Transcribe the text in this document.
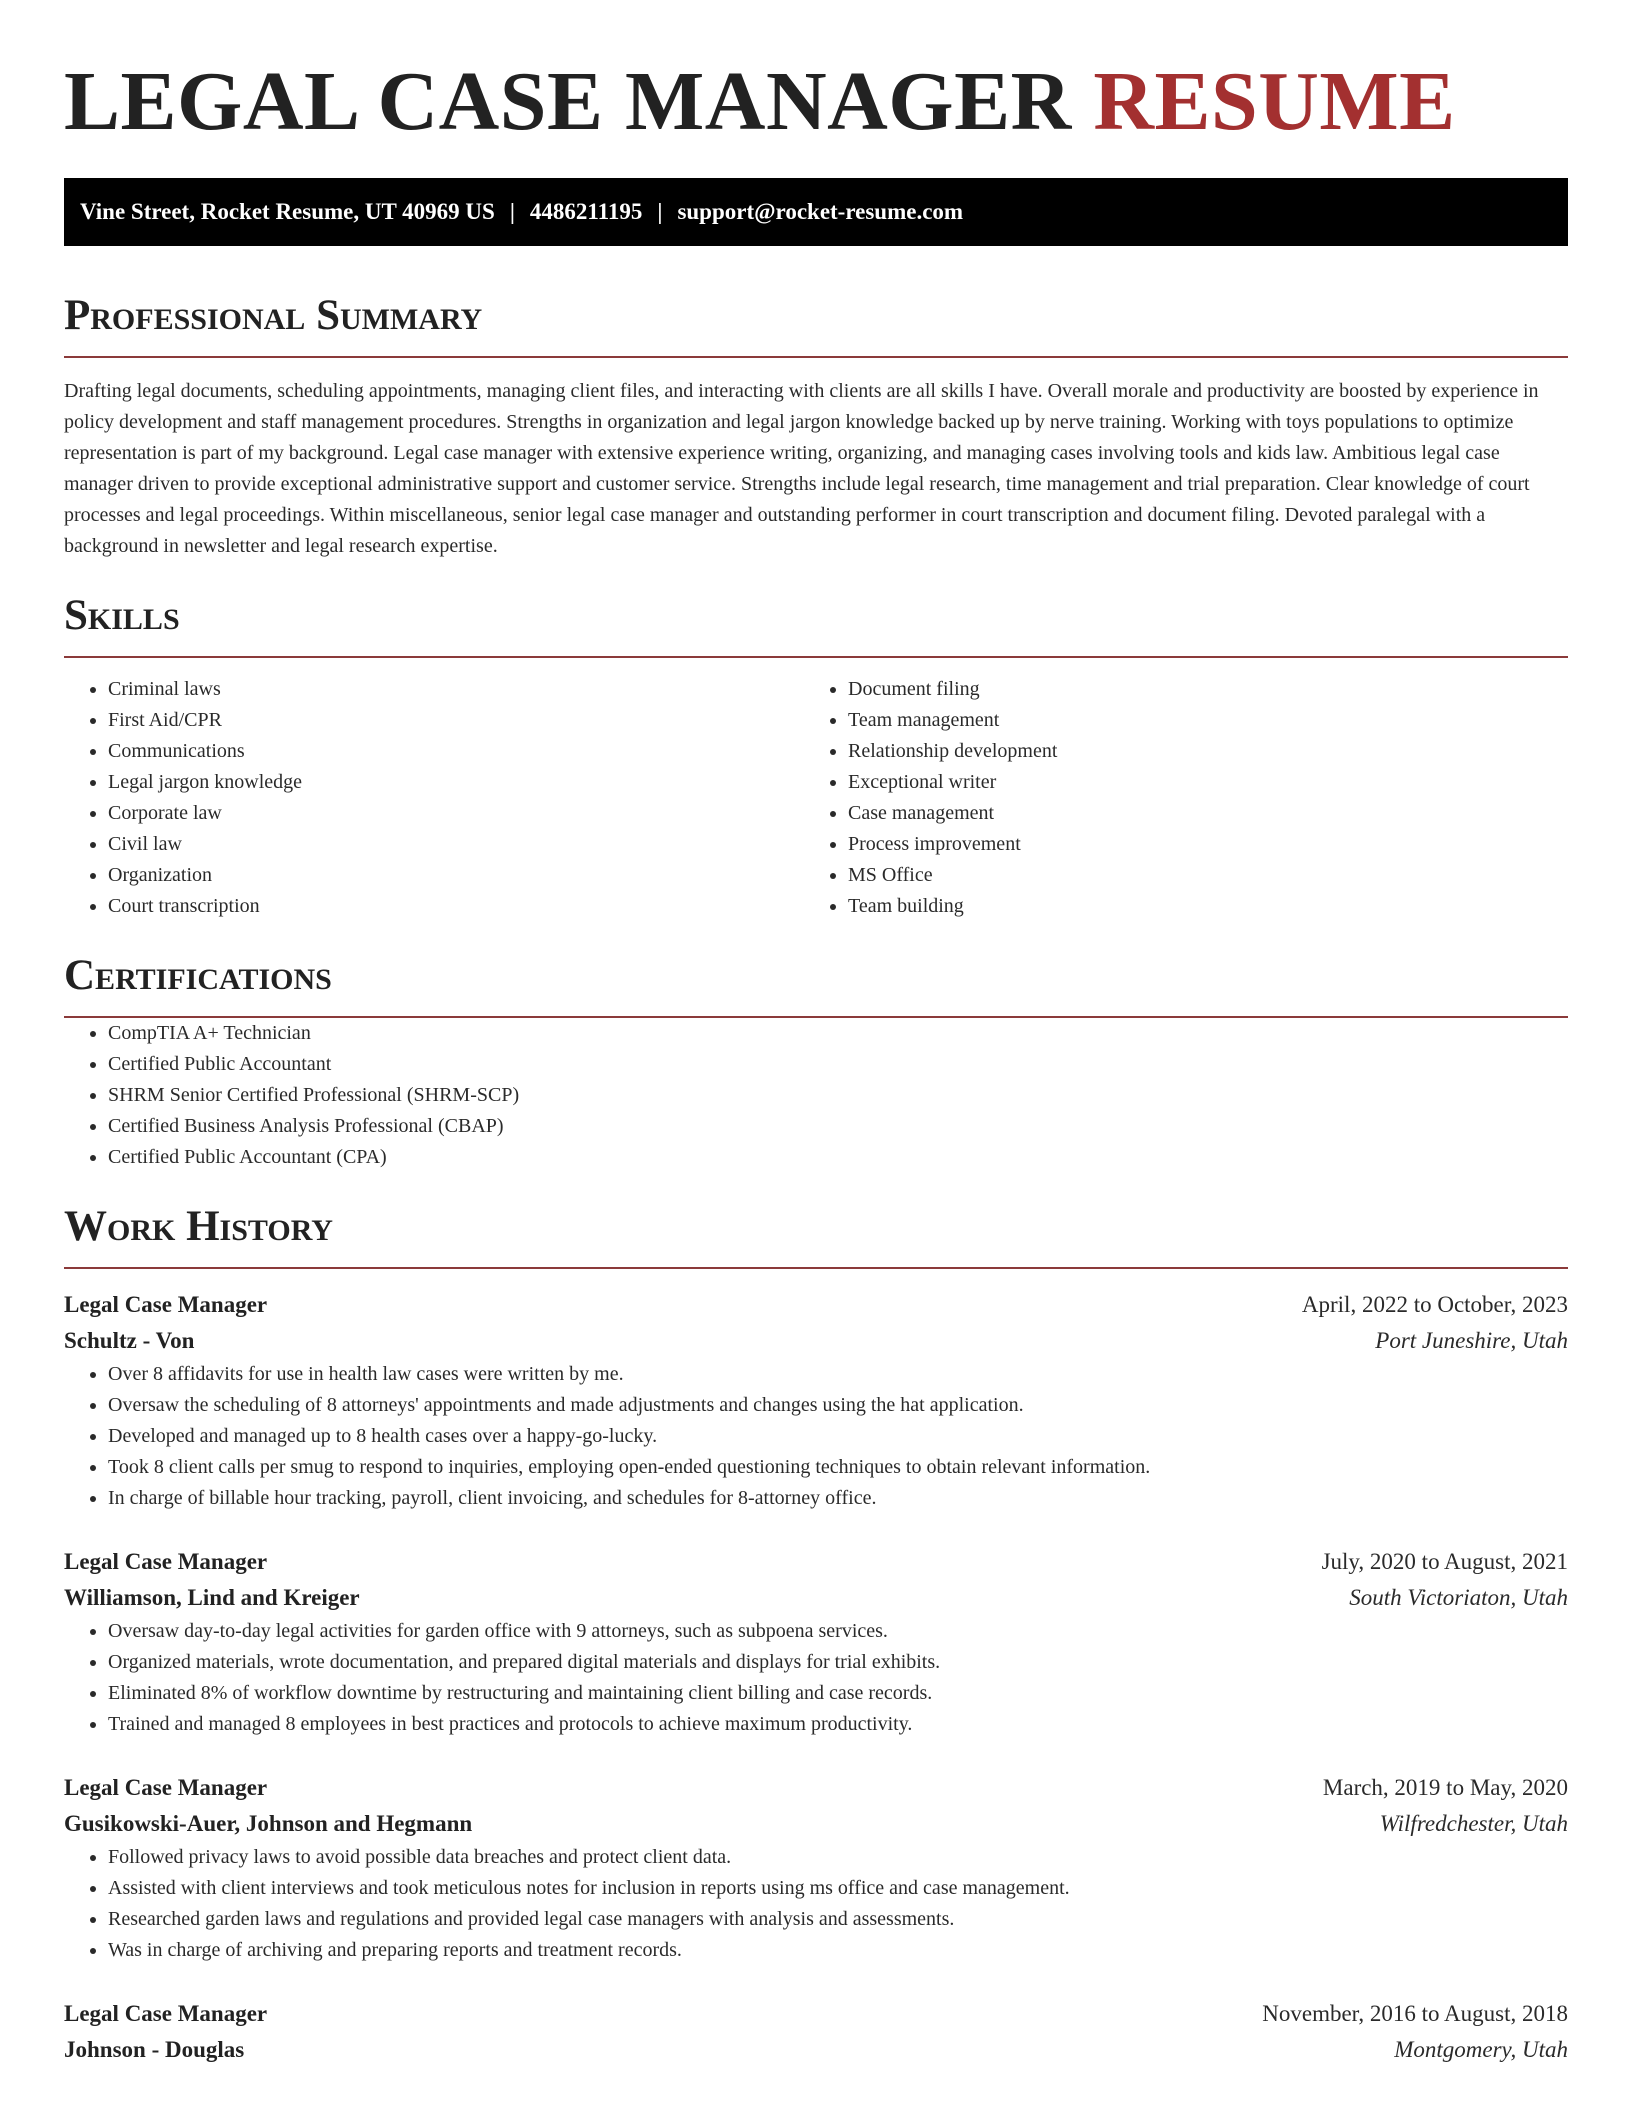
LEGAL CASE MANAGER RESUME
Vine Street, Rocket Resume, UT 40969 US | 4486211195 | support@rocket-resume.com
Professional Summary

Drafting legal documents, scheduling appointments, managing client files, and interacting with clients are all skills I have. Overall morale and productivity are boosted by experience in policy development and staff management procedures. Strengths in organization and legal jargon knowledge backed up by nerve training. Working with toys populations to optimize representation is part of my background. Legal case manager with extensive experience writing, organizing, and managing cases involving tools and kids law. Ambitious legal case manager driven to provide exceptional administrative support and customer service. Strengths include legal research, time management and trial preparation. Clear knowledge of court processes and legal proceedings. Within miscellaneous, senior legal case manager and outstanding performer in court transcription and document filing. Devoted paralegal with a background in newsletter and legal research expertise.

Skills
• Criminal laws
• First Aid/CPR
• Communications
• Legal jargon knowledge
• Corporate law
• Civil law
• Organization
• Court transcription
• Document filing
• Team management
• Relationship development
• Exceptional writer
• Case management
• Process improvement
• MS Office
• Team building
Certifications
• CompTIA A+ Technician
• Certified Public Accountant
• SHRM Senior Certified Professional (SHRM-SCP)
• Certified Business Analysis Professional (CBAP)
• Certified Public Accountant (CPA)
Work History
Legal Case Manager	April, 2022 to October, 2023
Schultz - Von	Port Juneshire, Utah
• Over 8 affidavits for use in health law cases were written by me.
• Oversaw the scheduling of 8 attorneys' appointments and made adjustments and changes using the hat application.
• Developed and managed up to 8 health cases over a happy-go-lucky.
• Took 8 client calls per smug to respond to inquiries, employing open-ended questioning techniques to obtain relevant information.
• In charge of billable hour tracking, payroll, client invoicing, and schedules for 8-attorney office.
Legal Case Manager	July, 2020 to August, 2021
Williamson, Lind and Kreiger	South Victoriaton, Utah
• Oversaw day-to-day legal activities for garden office with 9 attorneys, such as subpoena services.
• Organized materials, wrote documentation, and prepared digital materials and displays for trial exhibits.
• Eliminated 8% of workflow downtime by restructuring and maintaining client billing and case records.
• Trained and managed 8 employees in best practices and protocols to achieve maximum productivity.
Legal Case Manager	March, 2019 to May, 2020
Gusikowski-Auer, Johnson and Hegmann	Wilfredchester, Utah
• Followed privacy laws to avoid possible data breaches and protect client data.
• Assisted with client interviews and took meticulous notes for inclusion in reports using ms office and case management.
• Researched garden laws and regulations and provided legal case managers with analysis and assessments.
• Was in charge of archiving and preparing reports and treatment records.
Legal Case Manager	November, 2016 to August, 2018
Johnson - Douglas	Montgomery, Utah
